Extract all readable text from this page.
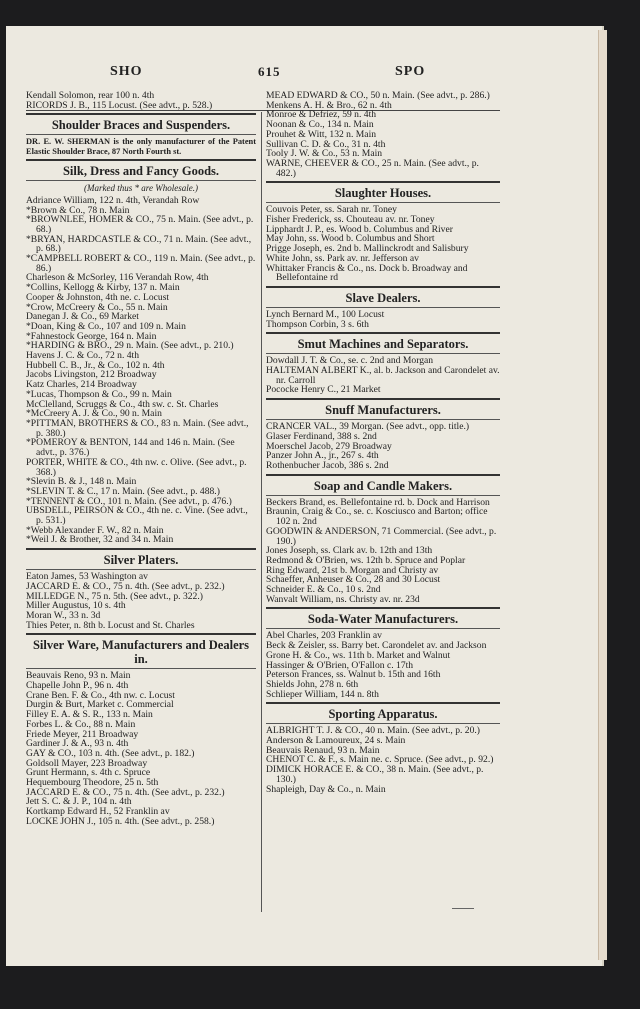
SHO	615	SPO
Kendall Solomon, rear 100 n. 4th
RICORDS J. B., 115 Locust. (See advt., p. 528.)
Shoulder Braces and Suspenders.
DR. E. W. SHERMAN is the only manufacturer of the Patent Elastic Shoulder Brace, 87 North Fourth st.
Silk, Dress and Fancy Goods.
(Marked thus * are Wholesale.)
Adriance William, 122 n. 4th, Verandah Row
*Brown & Co., 78 n. Main
*BROWNLEE, HOMER & CO., 75 n. Main. (See advt., p. 68.)
*BRYAN, HARDCASTLE & CO., 71 n. Main. (See advt., p. 68.)
*CAMPBELL ROBERT & CO., 119 n. Main. (See advt., p. 86.)
Charleson & McSorley, 116 Verandah Row, 4th
*Collins, Kellogg & Kirby, 137 n. Main
Cooper & Johnston, 4th ne. c. Locust
*Crow, McCreery & Co., 55 n. Main
Danegan J. & Co., 69 Market
*Doan, King & Co., 107 and 109 n. Main
*Fahnestock George, 164 n. Main
*HARDING & BRO., 29 n. Main. (See advt., p. 210.)
Havens J. C. & Co., 72 n. 4th
Hubbell C. B., Jr., & Co., 102 n. 4th
Jacobs Livingston, 212 Broadway
Katz Charles, 214 Broadway
*Lucas, Thompson & Co., 99 n. Main
McClelland, Scruggs & Co., 4th sw. c. St. Charles
*McCreery A. J. & Co., 90 n. Main
*PITTMAN, BROTHERS & CO., 83 n. Main. (See advt., p. 380.)
*POMEROY & BENTON, 144 and 146 n. Main. (See advt., p. 376.)
PORTER, WHITE & CO., 4th nw. c. Olive. (See advt., p. 368.)
*Slevin B. & J., 148 n. Main
*SLEVIN T. & C., 17 n. Main. (See advt., p. 488.)
*TENNENT & CO., 101 n. Main. (See advt., p. 476.)
UBSDELL, PEIRSON & CO., 4th ne. c. Vine. (See advt., p. 531.)
*Webb Alexander F. W., 82 n. Main
*Weil J. & Brother, 32 and 34 n. Main
Silver Platers.
Eaton James, 53 Washington av
JACCARD E. & CO., 75 n. 4th. (See advt., p. 232.)
MILLEDGE N., 75 n. 5th. (See advt., p. 322.)
Miller Augustus, 10 s. 4th
Moran W., 33 n. 3d
Thies Peter, n. 8th b. Locust and St. Charles
Silver Ware, Manufacturers and Dealers in.
Beauvais Reno, 93 n. Main
Chapelle John P., 96 n. 4th
Crane Ben. F. & Co., 4th nw. c. Locust
Durgin & Burt, Market c. Commercial
Filley E. A. & S. R., 133 n. Main
Forbes L. & Co., 88 n. Main
Friede Meyer, 211 Broadway
Gardiner J. & A., 93 n. 4th
GAY & CO., 103 n. 4th. (See advt., p. 182.)
Goldsoll Mayer, 223 Broadway
Grunt Hermann, s. 4th c. Spruce
Hequembourg Theodore, 25 n. 5th
JACCARD E. & CO., 75 n. 4th. (See advt., p. 232.)
Jett S. C. & J. P., 104 n. 4th
Kortkamp Edward H., 52 Franklin av
LOCKE JOHN J., 105 n. 4th. (See advt., p. 258.)
MEAD EDWARD & CO., 50 n. Main. (See advt., p. 286.)
Menkens A. H. & Bro., 62 n. 4th
Monroe & Defriez, 59 n. 4th
Noonan & Co., 134 n. Main
Prouhet & Witt, 132 n. Main
Sullivan C. D. & Co., 31 n. 4th
Tooly J. W. & Co., 53 n. Main
WARNE, CHEEVER & CO., 25 n. Main. (See advt., p. 482.)
Slaughter Houses.
Couvois Peter, ss. Sarah nr. Toney
Fisher Frederick, ss. Chouteau av. nr. Toney
Lipphardt J. P., es. Wood b. Columbus and River
May John, ss. Wood b. Columbus and Short
Prigge Joseph, es. 2nd b. Mallinckrodt and Salisbury
White John, ss. Park av. nr. Jefferson av
Whittaker Francis & Co., ns. Dock b. Broadway and Bellefontaine rd
Slave Dealers.
Lynch Bernard M., 100 Locust
Thompson Corbin, 3 s. 6th
Smut Machines and Separators.
Dowdall J. T. & Co., se. c. 2nd and Morgan
HALTEMAN ALBERT K., al. b. Jackson and Carondelet av. nr. Carroll
Pococke Henry C., 21 Market
Snuff Manufacturers.
CRANCER VAL., 39 Morgan. (See advt., opp. title.)
Glaser Ferdinand, 388 s. 2nd
Moerschel Jacob, 279 Broadway
Panzer John A., jr., 267 s. 4th
Rothenbucher Jacob, 386 s. 2nd
Soap and Candle Makers.
Beckers Brand, es. Bellefontaine rd. b. Dock and Harrison
Braunin, Craig & Co., se. c. Kosciusco and Barton; office 102 n. 2nd
GOODWIN & ANDERSON, 71 Commercial. (See advt., p. 190.)
Jones Joseph, ss. Clark av. b. 12th and 13th
Redmond & O'Brien, ws. 12th b. Spruce and Poplar
Ring Edward, 21st b. Morgan and Christy av
Schaeffer, Anheuser & Co., 28 and 30 Locust
Schneider E. & Co., 10 s. 2nd
Wanvalt William, ns. Christy av. nr. 23d
Soda-Water Manufacturers.
Abel Charles, 203 Franklin av
Beck & Zeisler, ss. Barry bet. Carondelet av. and Jackson
Grone H. & Co., ws. 11th b. Market and Walnut
Hassinger & O'Brien, O'Fallon c. 17th
Peterson Frances, ss. Walnut b. 15th and 16th
Shields John, 278 n. 6th
Schlieper William, 144 n. 8th
Sporting Apparatus.
ALBRIGHT T. J. & CO., 40 n. Main. (See advt., p. 20.)
Anderson & Lamoureux, 24 s. Main
Beauvais Renaud, 93 n. Main
CHENOT C. & F., s. Main ne. c. Spruce. (See advt., p. 92.)
DIMICK HORACE E. & CO., 38 n. Main. (See advt., p. 130.)
Shapleigh, Day & Co., n. Main
